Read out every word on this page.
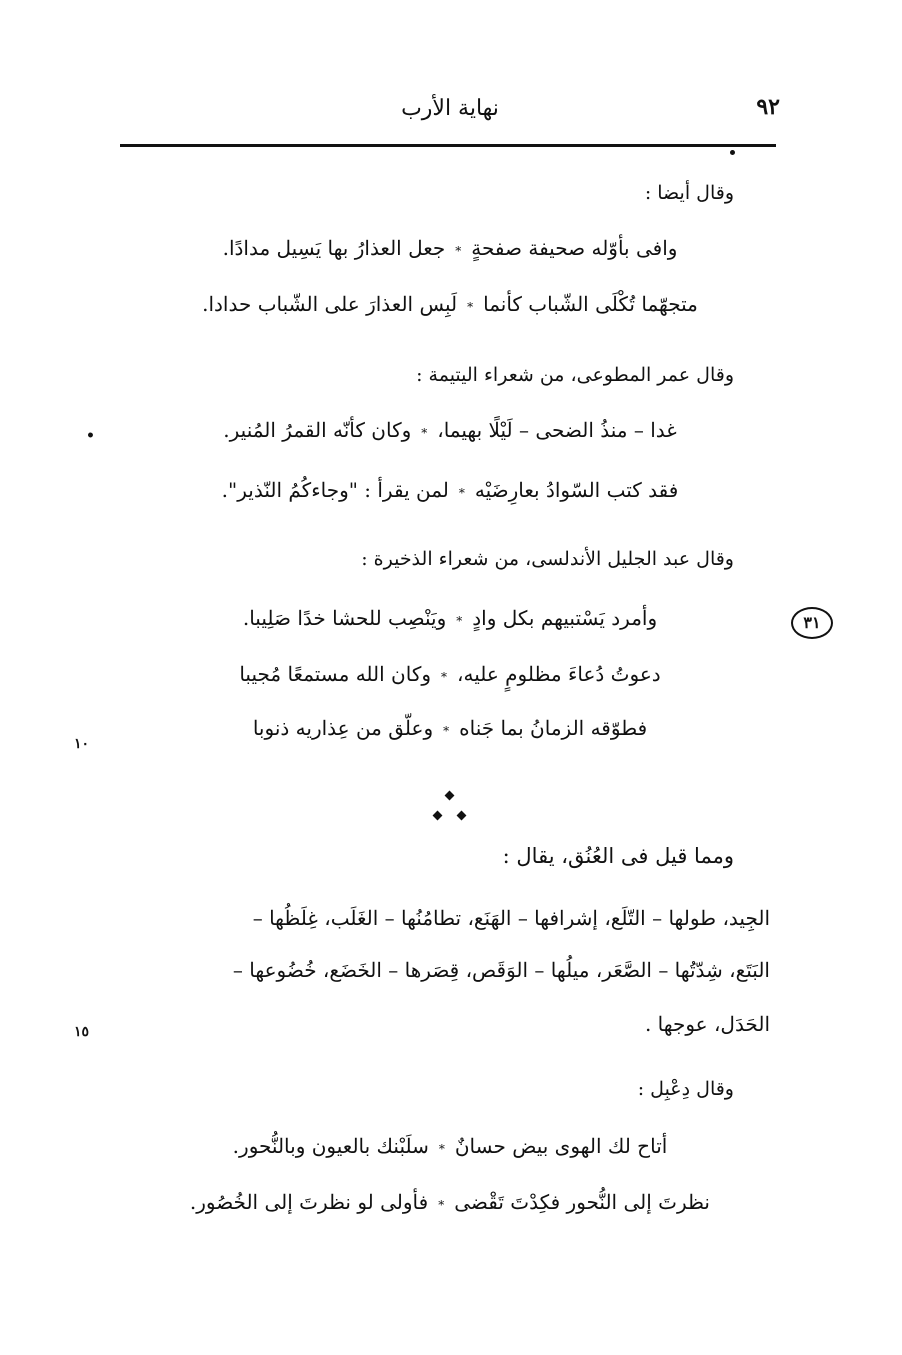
نهاية الأرب	٩٢
وقال أيضا :
وافى بأوّله صحيفة صفحةٍ*جعل العذارُ بها يَسِيل مدادًا.
متجهّما تُكْلَى الشّباب كأنما*لَبِس العذارَ على الشّباب حدادا.
وقال عمر المطوعى، من شعراء اليتيمة :
•	غدا – منذُ الضحى – لَيْلًا بهيما،*وكان كأنّه القمرُ المُنير.
فقد كتب السّوادُ بعارِضَيْه*لمن يقرأ : "وجاءكُمُ النّذير".
وقال عبد الجليل الأندلسى، من شعراء الذخيرة :
٣١
وأمرد يَسْتبيهم بكل وادٍ*ويَنْصِب للحشا خدًا صَلِيبا.
دعوتُ دُعاءَ مظلومٍ عليه،*وكان الله مستمعًا مُجيبا
١٠
فطوّقه الزمانُ بما جَناه*وعلّق من عِذاريه ذنوبا
ومما قيل فى العُنُق، يقال :
الجِيد، طولها – التّلَع، إشرافها – الهَنَع، تطامُنُها – الغَلَب، غِلَظُها –
البَتَع، شِدّتُها – الصَّعَر، ميلُها – الوَقَص، قِصَرها – الخَضَع، خُضُوعها –
١٥	الحَدَل، عوجها .
وقال دِعْبِل :
أتاح لك الهوى بيض حسانٌ*سلَبْنك بالعيون وبالنُّحور.
نظرتَ إلى النُّحور فكِدْتَ تَقْضى*فأولى لو نظرتَ إلى الخُصُور.
